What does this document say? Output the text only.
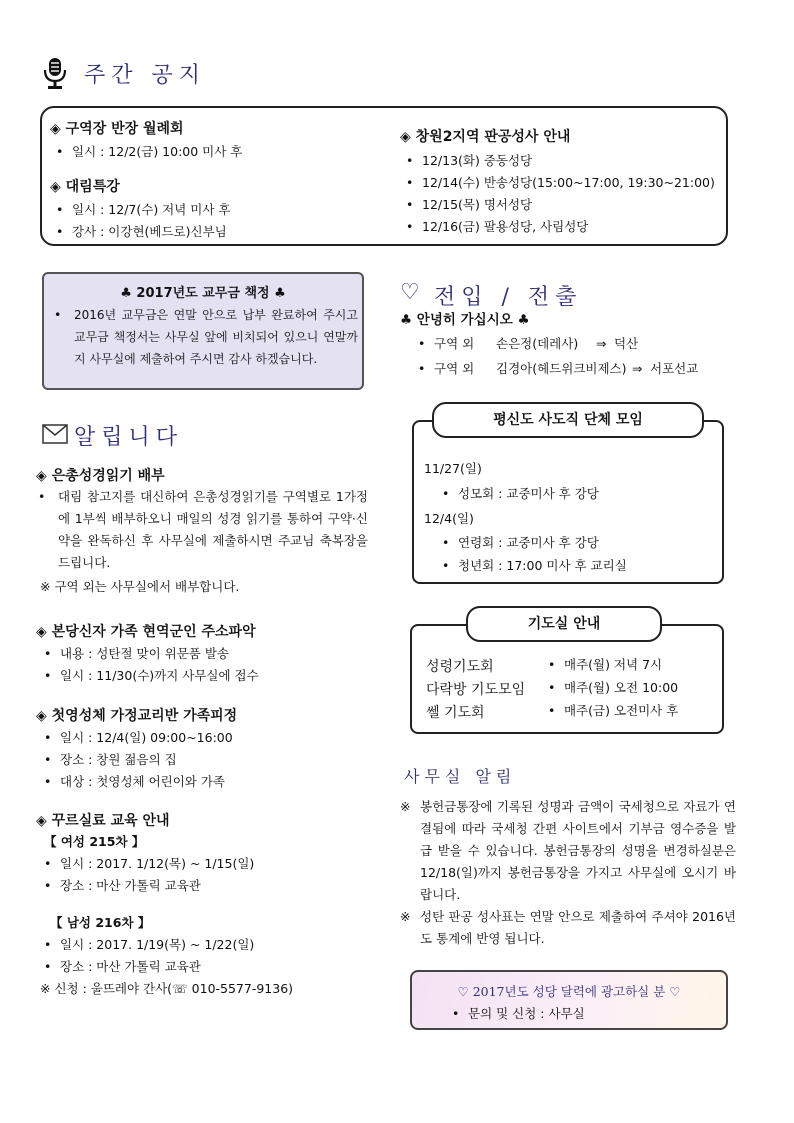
주간 공지
◈ 구역장 반장 월례회
• 일시 : 12/2(금) 10:00 미사 후
◈ 대림특강
• 일시 : 12/7(수) 저녁 미사 후
• 강사 : 이강현(베드로)신부님
◈ 창원2지역 판공성사 안내
• 12/13(화) 중동성당
• 12/14(수) 반송성당(15:00~17:00, 19:30~21:00)
• 12/15(목) 명서성당
• 12/16(금) 팔용성당, 사림성당
♣ 2017년도 교무금 책정 ♣
• 2016년 교무금은 연말 안으로 납부 완료하여 주시고 교무금 책정서는 사무실 앞에 비치되어 있으니 연말까지 사무실에 제출하여 주시면 감사 하겠습니다.
알립니다
◈ 은총성경읽기 배부
• 대림 참고지를 대신하여 은총성경읽기를 구역별로 1가정에 1부씩 배부하오니 매일의 성경 읽기를 통하여 구약·신약을 완독하신 후 사무실에 제출하시면 주교님 축복장을 드립니다.
※ 구역 외는 사무실에서 배부합니다.
◈ 본당신자 가족 현역군인 주소파악
• 내용 : 성탄절 맞이 위문품 발송
• 일시 : 11/30(수)까지 사무실에 접수
◈ 첫영성체 가정교리반 가족피정
• 일시 : 12/4(일) 09:00~16:00
• 장소 : 창원 젊음의 집
• 대상 : 첫영성체 어린이와 가족
◈ 꾸르실료 교육 안내
【 여성 215차 】
• 일시 : 2017. 1/12(목) ~ 1/15(일)
• 장소 : 마산 가톨릭 교육관
【 남성 216차 】
• 일시 : 2017. 1/19(목) ~ 1/22(일)
• 장소 : 마산 가톨릭 교육관
※ 신청 : 울뜨레야 간사(☏ 010-5577-9136)
♡ 전입 / 전출
♣ 안녕히 가십시오 ♣
• 구역 외 손은정(데레사) ⇒ 덕산
• 구역 외 김경아(헤드위크비제스) ⇒ 서포선교
11/27(일)
• 성모회 : 교중미사 후 강당
12/4(일)
• 연령회 : 교중미사 후 강당
• 청년회 : 17:00 미사 후 교리실
평신도 사도직 단체 모임
성령기도회	• 매주(월) 저녁 7시
다락방 기도모임	• 매주(월) 오전 10:00
쎌 기도회	• 매주(금) 오전미사 후
기도실 안내
사무실 알림
※ 봉헌금통장에 기록된 성명과 금액이 국세청으로 자료가 연결됨에 따라 국세청 간편 사이트에서 기부금 영수증을 발급 받을 수 있습니다. 봉헌금통장의 성명을 변경하실분은 12/18(일)까지 봉헌금통장을 가지고 사무실에 오시기 바랍니다.
※ 성탄 판공 성사표는 연말 안으로 제출하여 주셔야 2016년도 통계에 반영 됩니다.
♡ 2017년도 성당 달력에 광고하실 분 ♡
• 문의 및 신청 : 사무실
